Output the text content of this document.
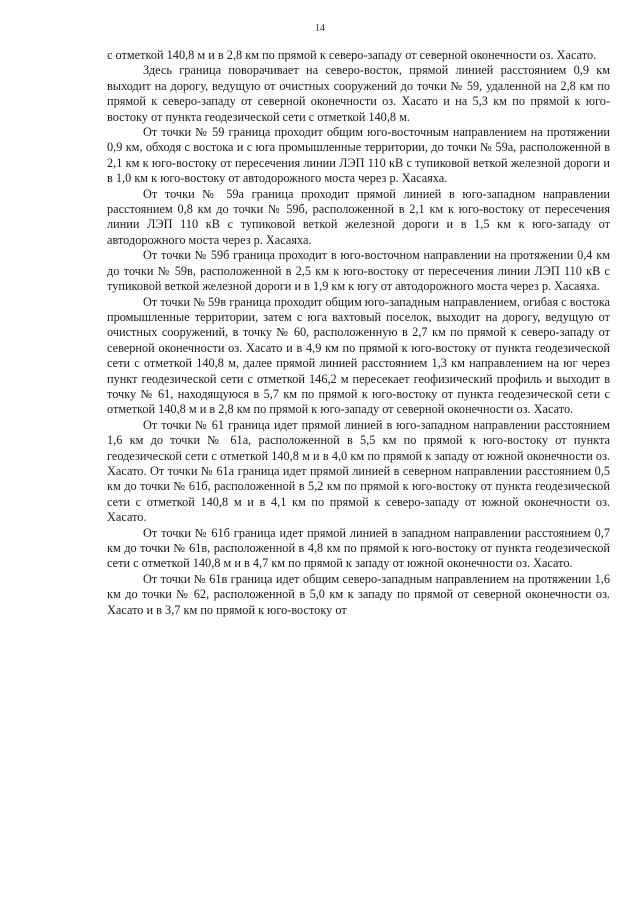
14

с отметкой 140,8 м и в 2,8 км по прямой к северо-западу от северной оконечности оз. Хасато.

Здесь граница поворачивает на северо-восток, прямой линией расстоянием 0,9 км выходит на дорогу, ведущую от очистных сооружений до точки № 59, удаленной на 2,8 км по прямой к северо-западу от северной оконечности оз. Хасато и на 5,3 км по прямой к юго-востоку от пункта геодезической сети с отметкой 140,8 м.

От точки № 59 граница проходит общим юго-восточным направлением на протяжении 0,9 км, обходя с востока и с юга промышленные территории, до точки № 59а, расположенной в 2,1 км к юго-востоку от пересечения линии ЛЭП 110 кВ с тупиковой веткой железной дороги и в 1,0 км к юго-востоку от автодорожного моста через р. Хасаяха.

От точки № 59а граница проходит прямой линией в юго-западном направлении расстоянием 0,8 км до точки № 59б, расположенной в 2,1 км к юго-востоку от пересечения линии ЛЭП 110 кВ с тупиковой веткой железной дороги и в 1,5 км к юго-западу от автодорожного моста через р. Хасаяха.

От точки № 59б граница проходит в юго-восточном направлении на протяжении 0,4 км до точки № 59в, расположенной в 2,5 км к юго-востоку от пересечения линии ЛЭП 110 кВ с тупиковой веткой железной дороги и в 1,9 км к югу от автодорожного моста через р. Хасаяха.

От точки № 59в граница проходит общим юго-западным направлением, огибая с востока промышленные территории, затем с юга вахтовый поселок, выходит на дорогу, ведущую от очистных сооружений, в точку № 60, расположенную в 2,7 км по прямой к северо-западу от северной оконечности оз. Хасато и в 4,9 км по прямой к юго-востоку от пункта геодезической сети с отметкой 140,8 м, далее прямой линией расстоянием 1,3 км направлением на юг через пункт геодезической сети с отметкой 146,2 м пересекает геофизический профиль и выходит в точку № 61, находящуюся в 5,7 км по прямой к юго-востоку от пункта геодезической сети с отметкой 140,8 м и в 2,8 км по прямой к юго-западу от северной оконечности оз. Хасато.

От точки № 61 граница идет прямой линией в юго-западном направлении расстоянием 1,6 км до точки № 61а, расположенной в 5,5 км по прямой к юго-востоку от пункта геодезической сети с отметкой 140,8 м и в 4,0 км по прямой к западу от южной оконечности оз. Хасато. От точки № 61а граница идет прямой линией в северном направлении расстоянием 0,5 км до точки № 61б, расположенной в 5,2 км по прямой к юго-востоку от пункта геодезической сети с отметкой 140,8 м и в 4,1 км по прямой к северо-западу от южной оконечности оз. Хасато.

От точки № 61б граница идет прямой линией в западном направлении расстоянием 0,7 км до точки № 61в, расположенной в 4,8 км по прямой к юго-востоку от пункта геодезической сети с отметкой 140,8 м и в 4,7 км по прямой к западу от южной оконечности оз. Хасато.

От точки № 61в граница идет общим северо-западным направлением на протяжении 1,6 км до точки № 62, расположенной в 5,0 км к западу по прямой от северной оконечности оз. Хасато и в 3,7 км по прямой к юго-востоку от
